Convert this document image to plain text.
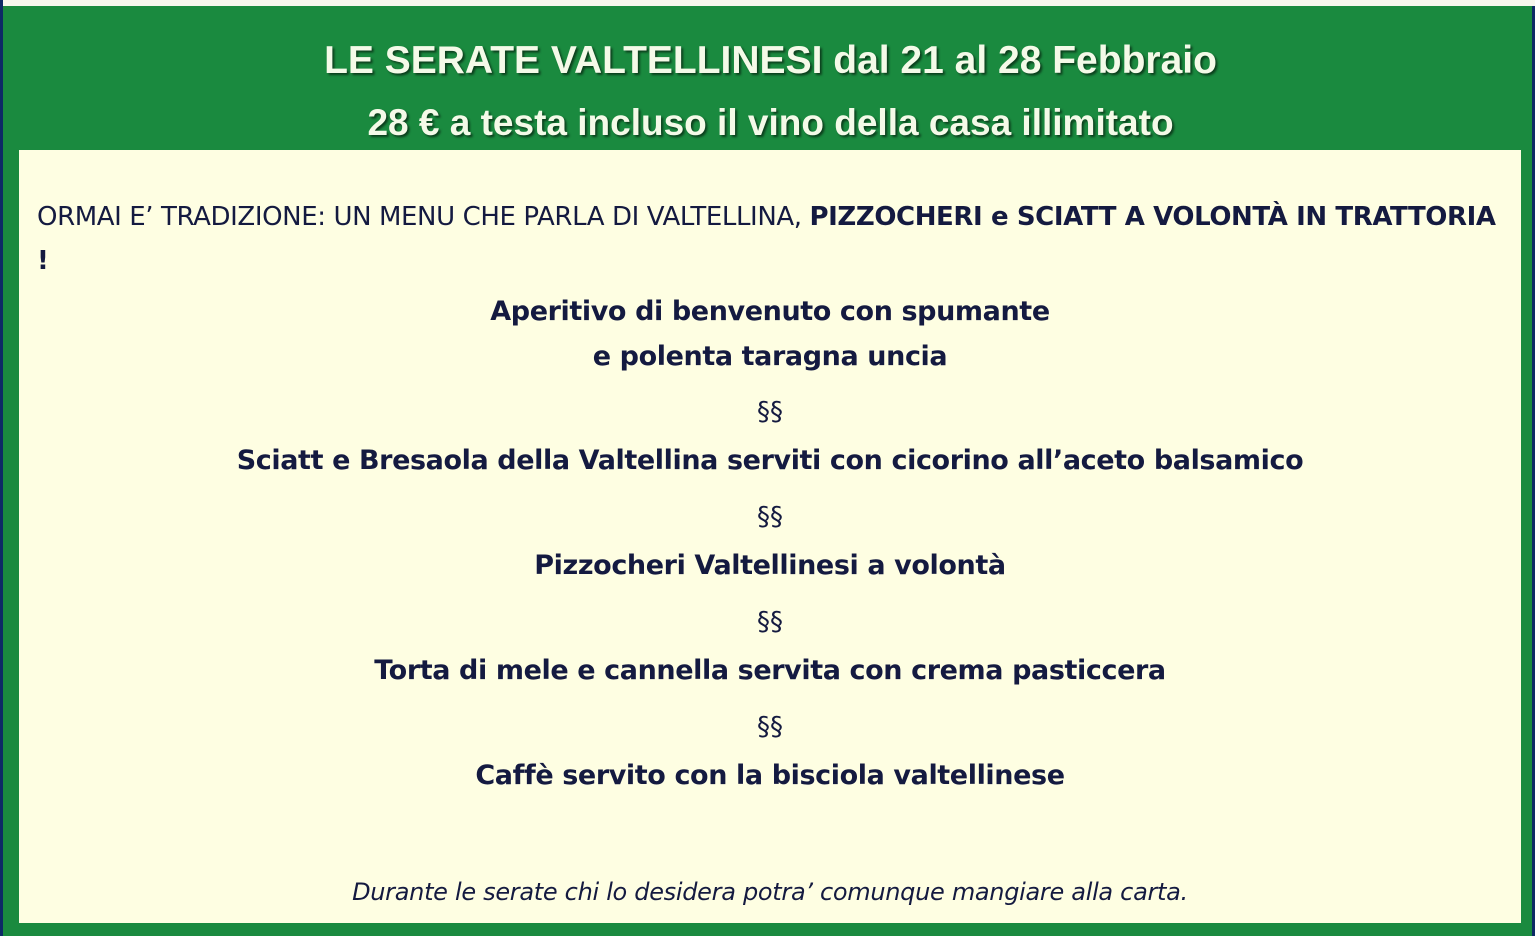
LE SERATE VALTELLINESI dal 21 al 28 Febbraio
28 € a testa incluso il vino della casa illimitato
ORMAI E’ TRADIZIONE: UN MENU CHE PARLA DI VALTELLINA, PIZZOCHERI e SCIATT A VOLONTÀ IN TRATTORIA !
Aperitivo di benvenuto con spumante
e polenta taragna uncia
§§
Sciatt e Bresaola della Valtellina serviti con cicorino all’aceto balsamico
§§
Pizzocheri Valtellinesi a volontà
§§
Torta di mele e cannella servita con crema pasticcera
§§
Caffè servito con la bisciola valtellinese
Durante le serate chi lo desidera potra’ comunque mangiare alla carta.
